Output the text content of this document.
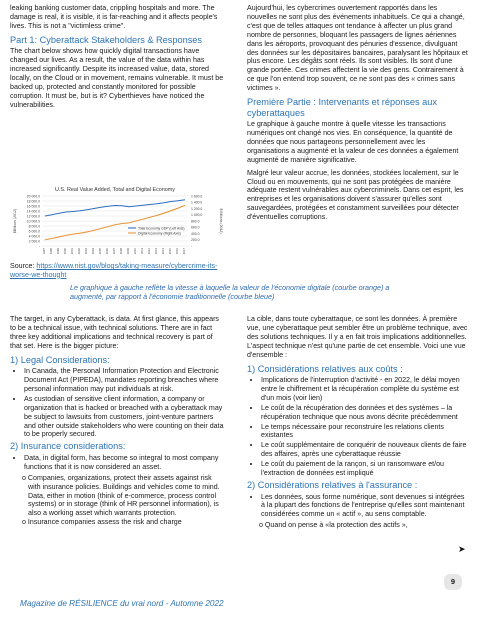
leaking banking customer data, crippling hospitals and more. The damage is real, it is visible, it is far-reaching and it affects people's lives. This is not a "victimless crime".

Part 1: Cyberattack Stakeholders & Responses

The chart below shows how quickly digital transactions have changed our lives. As a result, the value of the data within has increased significantly. Despite its increased value, data, stored locally, on the Cloud or in movement, remains vulnerable. It must be backed up, protected and constantly monitored for possible corruption. It must be, but is it? Cyberthieves have noticed the vulnerabilities.

U.S. Real Value Added, Total and Digital Economy
20 000.0
18 000.0
16 000.0
14 000.0
12 000.0
10 000.0
8 000.0
6 000.0
4 000.0
2 000.0
-
1 600.0
1 400.0
1 200.0
1 000.0
800.0
600.0
400.0
200.0
-
$Billions (2012)	$ Billions (2012)
1997 1998 1999 2000 2001 2002 2003 2004 2005 2006 2007 2008 2009 2010 2011 2012 2013 2014 2015 2016 2017
Total Economy GDP (Left Axis)
Digital Economy (Right Axis)
Source: https://www.nist.gov/blogs/taking-measure/cybercrime-its-worse-we-thought

Aujourd'hui, les cybercrimes ouvertement rapportés dans les nouvelles ne sont plus des événements inhabituels. Ce qui a changé, c'est que de telles attaques ont tendance à affecter un plus grand nombre de personnes, bloquant les passagers de lignes aériennes dans les aéroports, provoquant des pénuries d'essence, divulguant des données sur les dépositaires bancaires, paralysant les hôpitaux et plus encore. Les dégâts sont réels. Ils sont visibles. Ils sont d'une grande portée. Ces crimes affectent la vie des gens. Contrairement à ce que l'on entend trop souvent, ce ne sont pas des « crimes sans victimes ».

Première Partie : Intervenants et réponses aux cyberattaques

Le graphique à gauche montre à quelle vitesse les transactions numériques ont changé nos vies. En conséquence, la quantité de données que nous partageons personnellement avec les organisations a augmenté et la valeur de ces données a également augmenté de manière significative.

Malgré leur valeur accrue, les données, stockées localement, sur le Cloud ou en mouvements, qui ne sont pas protégées de manière adéquate restent vulnérables aux cybercriminels. Dans cet esprit, les entreprises et les organisations doivent s'assurer qu'elles sont sauvegardées, protégées et constamment surveillées pour détecter d'éventuelles corruptions.

Le graphique à gauche reflète la vitesse à laquelle la valeur de l'économie digitale (courbe orange) a augmenté, par rapport à l'économie traditionnelle (courbe bleue)

The target, in any Cyberattack, is data. At first glance, this appears to be a technical issue, with technical solutions. There are in fact three key additional implications and technical recovery is part of that set. Here is the bigger picture:

1) Legal Considerations:
• In Canada, the Personal Information Protection and Electronic Document Act (PIPEDA), mandates reporting breaches where personal information may put individuals at risk.
• As custodian of sensitive client information, a company or organization that is hacked or breached with a cyberattack may be subject to lawsuits from customers, joint-venture partners and other outside stakeholders who were counting on their data to be properly secured.
2) Insurance considerations:
• Data, in digital form, has become so integral to most company functions that it is now considered an asset.

o Companies, organizations, protect their assets against risk with insurance policies. Buildings and vehicles come to mind. Data, either in motion (think of e-commerce, process control systems) or in storage (think of HR personnel information), is also a working asset which warrants protection.

o Insurance companies assess the risk and charge

La cible, dans toute cyberattaque, ce sont les données. À première vue, une cyberattaque peut sembler être un problème technique, avec des solutions techniques. Il y a en fait trois implications additionnelles. L'aspect technique n'est qu'une partie de cet ensemble. Voici une vue d'ensemble :

1) Considérations relatives aux coûts :
• Implications de l'interruption d'activité - en 2022, le délai moyen entre le chiffrement et la récupération complète du système est d'un mois (voir lien)
• Le coût de la récupération des données et des systèmes – la récupération technique que nous avons décrite précédemment
• Le temps nécessaire pour reconstruire les relations clients existantes
• Le coût supplémentaire de conquérir de nouveaux clients de faire des affaires, après une cyberattaque réussie
• Le coût du paiement de la rançon, si un ransomware et/ou l'extraction de données est impliqué
2) Considérations relatives à l'assurance :
• Les données, sous forme numérique, sont devenues si intégrées à la plupart des fonctions de l'entreprise qu'elles sont maintenant considérées comme un « actif », au sens comptable.

o Quand on pense à «la protection des actifs »,

➤
9
Magazine de RÉSILIENCE du vrai nord - Automne 2022
